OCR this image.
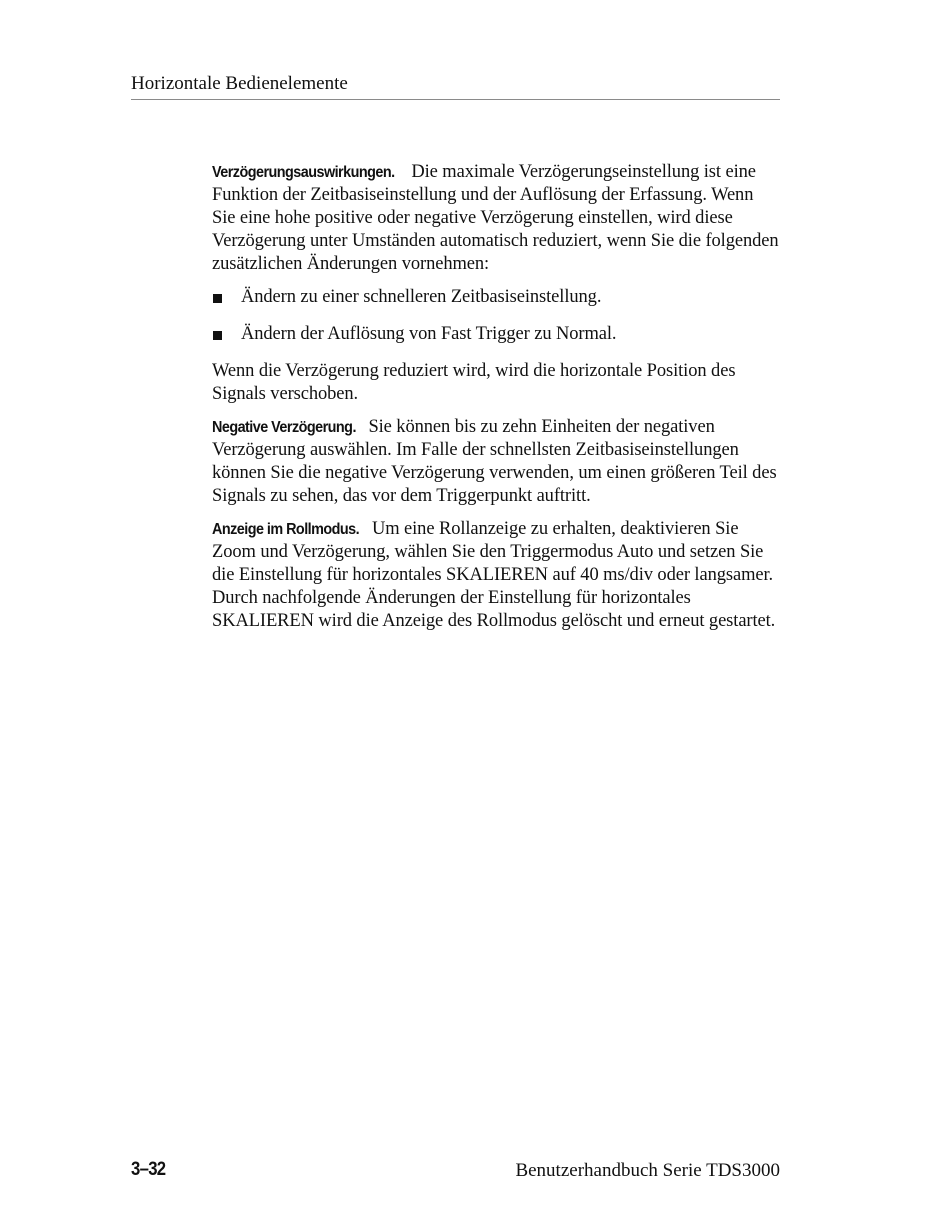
Horizontale Bedienelemente

Verzögerungsauswirkungen. Die maximale Verzögerungseinstellung ist eine Funktion der Zeitbasiseinstellung und der Auflösung der Erfassung. Wenn Sie eine hohe positive oder negative Verzögerung einstellen, wird diese Verzögerung unter Umständen automatisch reduziert, wenn Sie die folgenden zusätzlichen Änderungen vornehmen:

Ändern zu einer schnelleren Zeitbasiseinstellung.
Ändern der Auflösung von Fast Trigger zu Normal.

Wenn die Verzögerung reduziert wird, wird die horizontale Position des Signals verschoben.

Negative Verzögerung. Sie können bis zu zehn Einheiten der negativen Verzögerung auswählen. Im Falle der schnellsten Zeitbasiseinstellungen können Sie die negative Verzögerung verwenden, um einen größeren Teil des Signals zu sehen, das vor dem Triggerpunkt auftritt.

Anzeige im Rollmodus. Um eine Rollanzeige zu erhalten, deaktivieren Sie Zoom und Verzögerung, wählen Sie den Triggermodus Auto und setzen Sie die Einstellung für horizontales SKALIEREN auf 40 ms/div oder langsamer. Durch nachfolgende Änderungen der Einstellung für horizontales SKALIEREN wird die Anzeige des Rollmodus gelöscht und erneut gestartet.

3–32	Benutzerhandbuch Serie TDS3000
